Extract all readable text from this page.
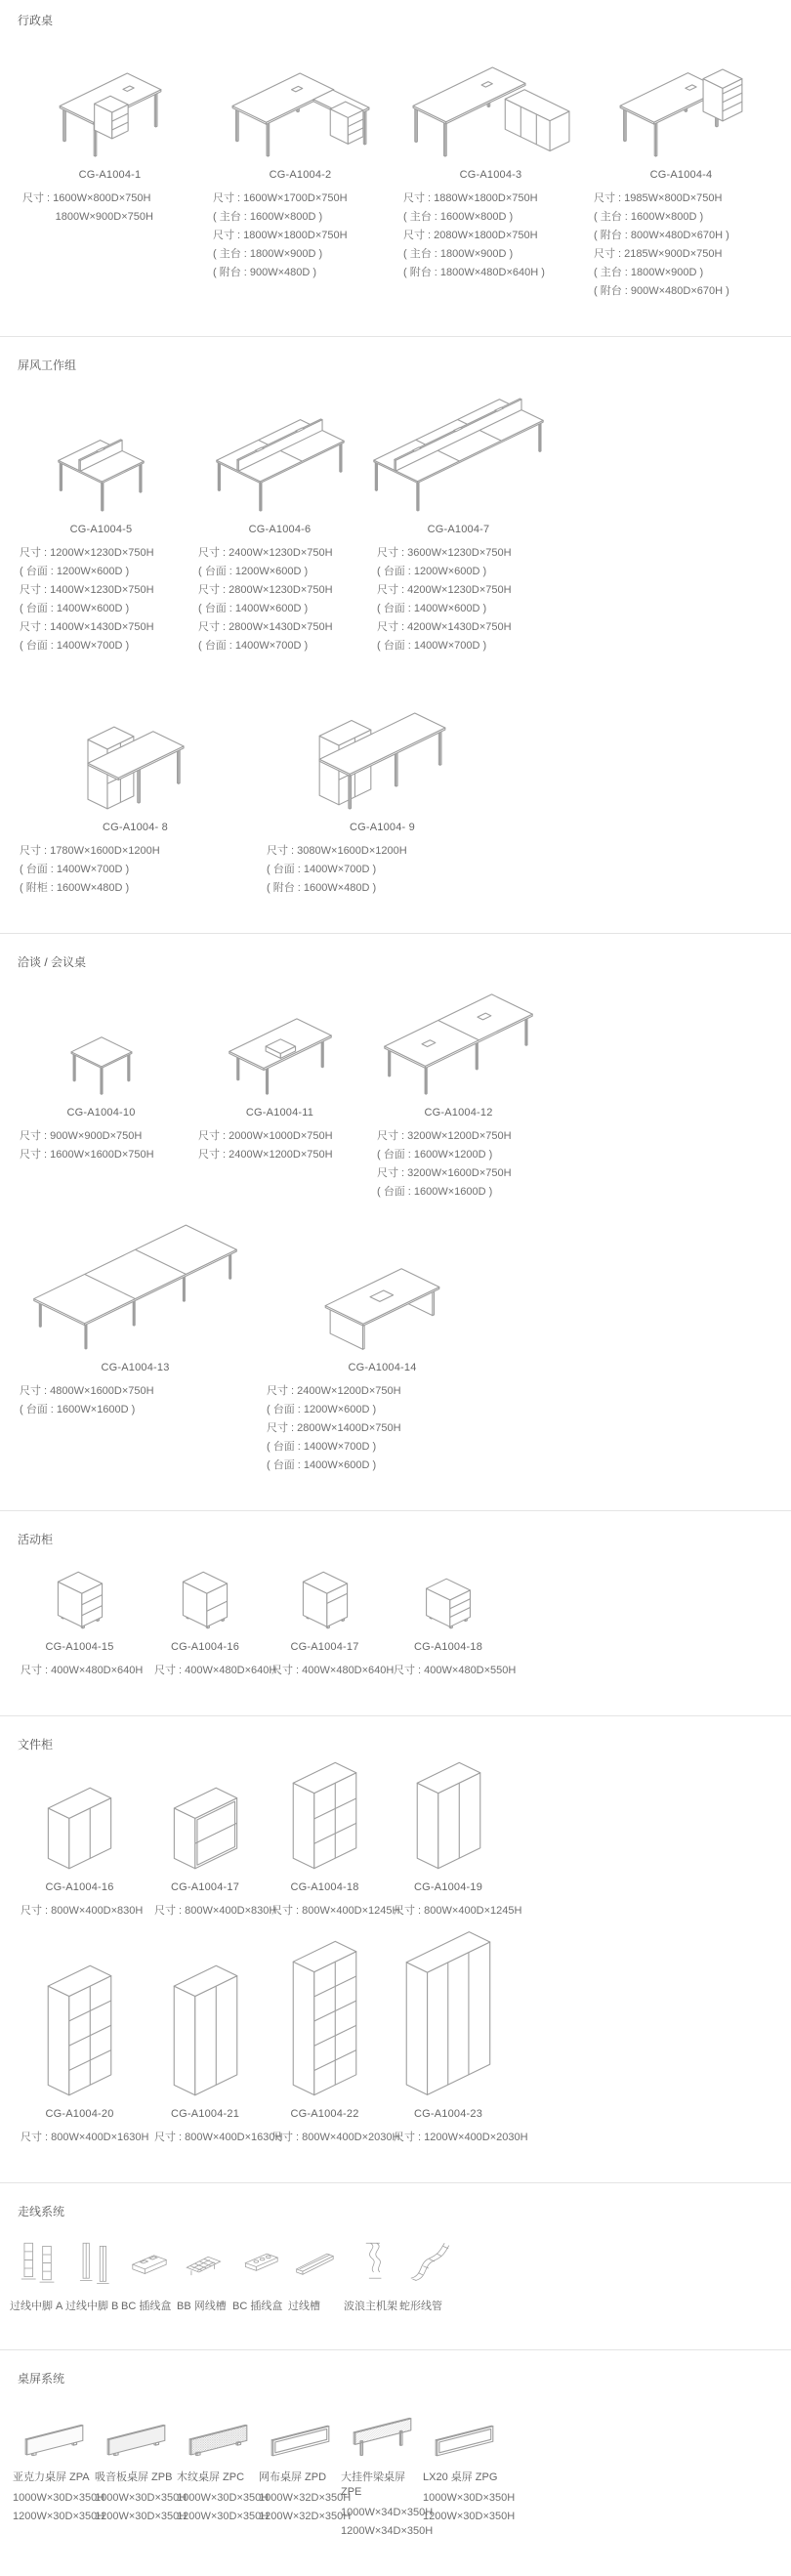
行政桌
CG-A1004-1
尺寸 : 1600W×800D×750H
1800W×900D×750H
CG-A1004-2
尺寸 : 1600W×1700D×750H
( 主台 : 1600W×800D )
尺寸 : 1800W×1800D×750H
( 主台 : 1800W×900D )
( 附台 : 900W×480D )
CG-A1004-3
尺寸 : 1880W×1800D×750H
( 主台 : 1600W×800D )
尺寸 : 2080W×1800D×750H
( 主台 : 1800W×900D )
( 附台 : 1800W×480D×640H )
CG-A1004-4
尺寸 : 1985W×800D×750H
( 主台 : 1600W×800D )
( 附台 : 800W×480D×670H )
尺寸 : 2185W×900D×750H
( 主台 : 1800W×900D )
( 附台 : 900W×480D×670H )
屏风工作组
CG-A1004-5
尺寸 : 1200W×1230D×750H
( 台面 : 1200W×600D )
尺寸 : 1400W×1230D×750H
( 台面 : 1400W×600D )
尺寸 : 1400W×1430D×750H
( 台面 : 1400W×700D )
CG-A1004-6
尺寸 : 2400W×1230D×750H
( 台面 : 1200W×600D )
尺寸 : 2800W×1230D×750H
( 台面 : 1400W×600D )
尺寸 : 2800W×1430D×750H
( 台面 : 1400W×700D )
CG-A1004-7
尺寸 : 3600W×1230D×750H
( 台面 : 1200W×600D )
尺寸 : 4200W×1230D×750H
( 台面 : 1400W×600D )
尺寸 : 4200W×1430D×750H
( 台面 : 1400W×700D )
CG-A1004- 8
尺寸 : 1780W×1600D×1200H
( 台面 : 1400W×700D )
( 附柜 : 1600W×480D )
CG-A1004- 9
尺寸 : 3080W×1600D×1200H
( 台面 : 1400W×700D )
( 附台 : 1600W×480D )
洽谈 / 会议桌
CG-A1004-10
尺寸 : 900W×900D×750H
尺寸 : 1600W×1600D×750H
CG-A1004-11
尺寸 : 2000W×1000D×750H
尺寸 : 2400W×1200D×750H
CG-A1004-12
尺寸 : 3200W×1200D×750H
( 台面 : 1600W×1200D )
尺寸 : 3200W×1600D×750H
( 台面 : 1600W×1600D )
CG-A1004-13
尺寸 : 4800W×1600D×750H
( 台面 : 1600W×1600D )
CG-A1004-14
尺寸 : 2400W×1200D×750H
( 台面 : 1200W×600D )
尺寸 : 2800W×1400D×750H
( 台面 : 1400W×700D )
( 台面 : 1400W×600D )
活动柜
CG-A1004-15
尺寸 : 400W×480D×640H
CG-A1004-16
尺寸 : 400W×480D×640H
CG-A1004-17
尺寸 : 400W×480D×640H
CG-A1004-18
尺寸 : 400W×480D×550H
文件柜
CG-A1004-16
尺寸 : 800W×400D×830H
CG-A1004-17
尺寸 : 800W×400D×830H
CG-A1004-18
尺寸 : 800W×400D×1245H
CG-A1004-19
尺寸 : 800W×400D×1245H
CG-A1004-20
尺寸 : 800W×400D×1630H
CG-A1004-21
尺寸 : 800W×400D×1630H
CG-A1004-22
尺寸 : 800W×400D×2030H
CG-A1004-23
尺寸 : 1200W×400D×2030H
走线系统
过线中脚 A 过线中脚 B BC 插线盒 BB 网线槽 BC 插线盒 过线槽	波浪主机架 蛇形线管
桌屏系统
亚克力桌屏 ZPA
1000W×30D×350H
1200W×30D×350H
吸音板桌屏 ZPB
1000W×30D×350H
1200W×30D×350H
木纹桌屏 ZPC
1000W×30D×350H
1200W×30D×350H
网布桌屏 ZPD
1000W×32D×350H
1200W×32D×350H
大挂件梁桌屏 ZPE
1000W×34D×350H
1200W×34D×350H
LX20 桌屏 ZPG
1000W×30D×350H
1200W×30D×350H
